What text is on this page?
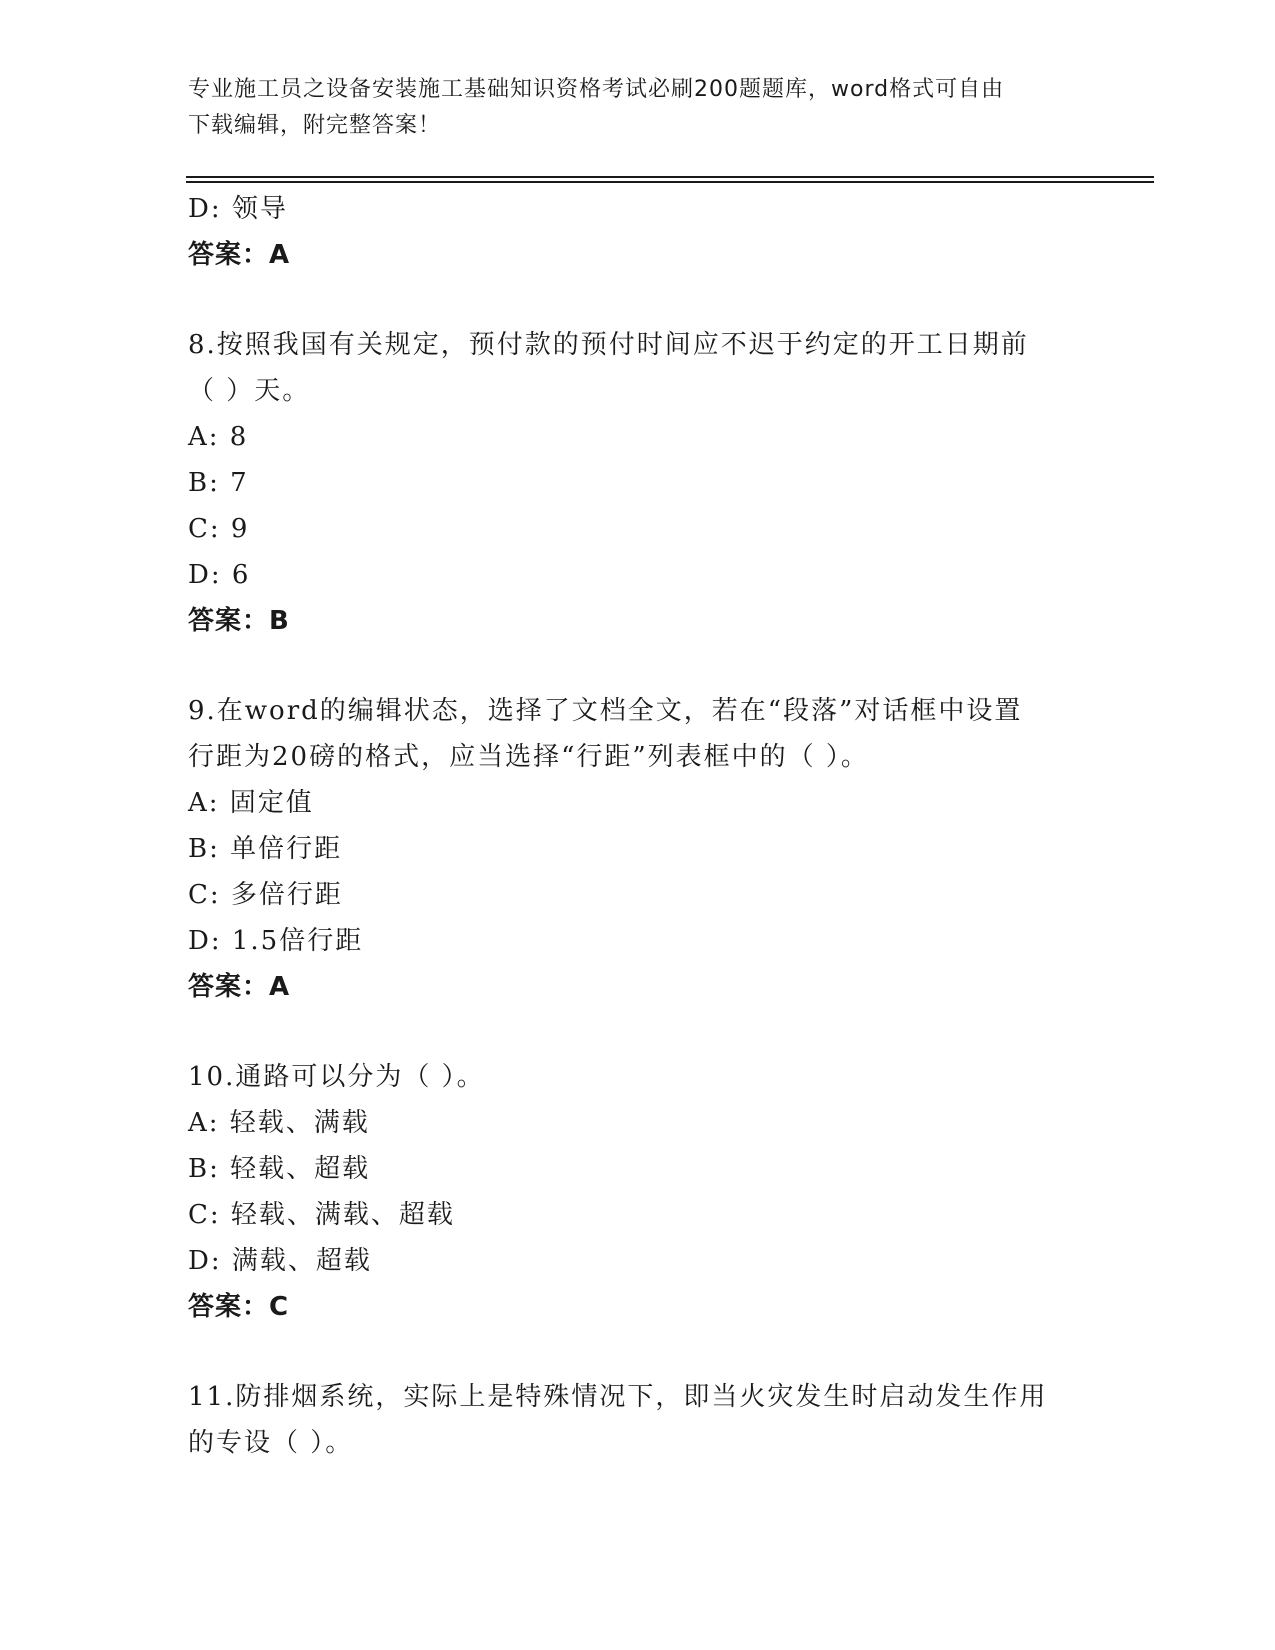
专业施工员之设备安装施工基础知识资格考试必刷200题题库，word格式可自由
下载编辑，附完整答案！
D: 领导
答案：A
8.按照我国有关规定，预付款的预付时间应不迟于约定的开工日期前
（ ）天。
A: 8
B: 7
C: 9
D: 6
答案：B
9.在word的编辑状态，选择了文档全文，若在“段落”对话框中设置
行距为20磅的格式，应当选择“行距”列表框中的（ ）。
A: 固定值
B: 单倍行距
C: 多倍行距
D: 1.5倍行距
答案：A
10.通路可以分为（ ）。
A: 轻载、满载
B: 轻载、超载
C: 轻载、满载、超载
D: 满载、超载
答案：C
11.防排烟系统，实际上是特殊情况下，即当火灾发生时启动发生作用
的专设（ ）。
